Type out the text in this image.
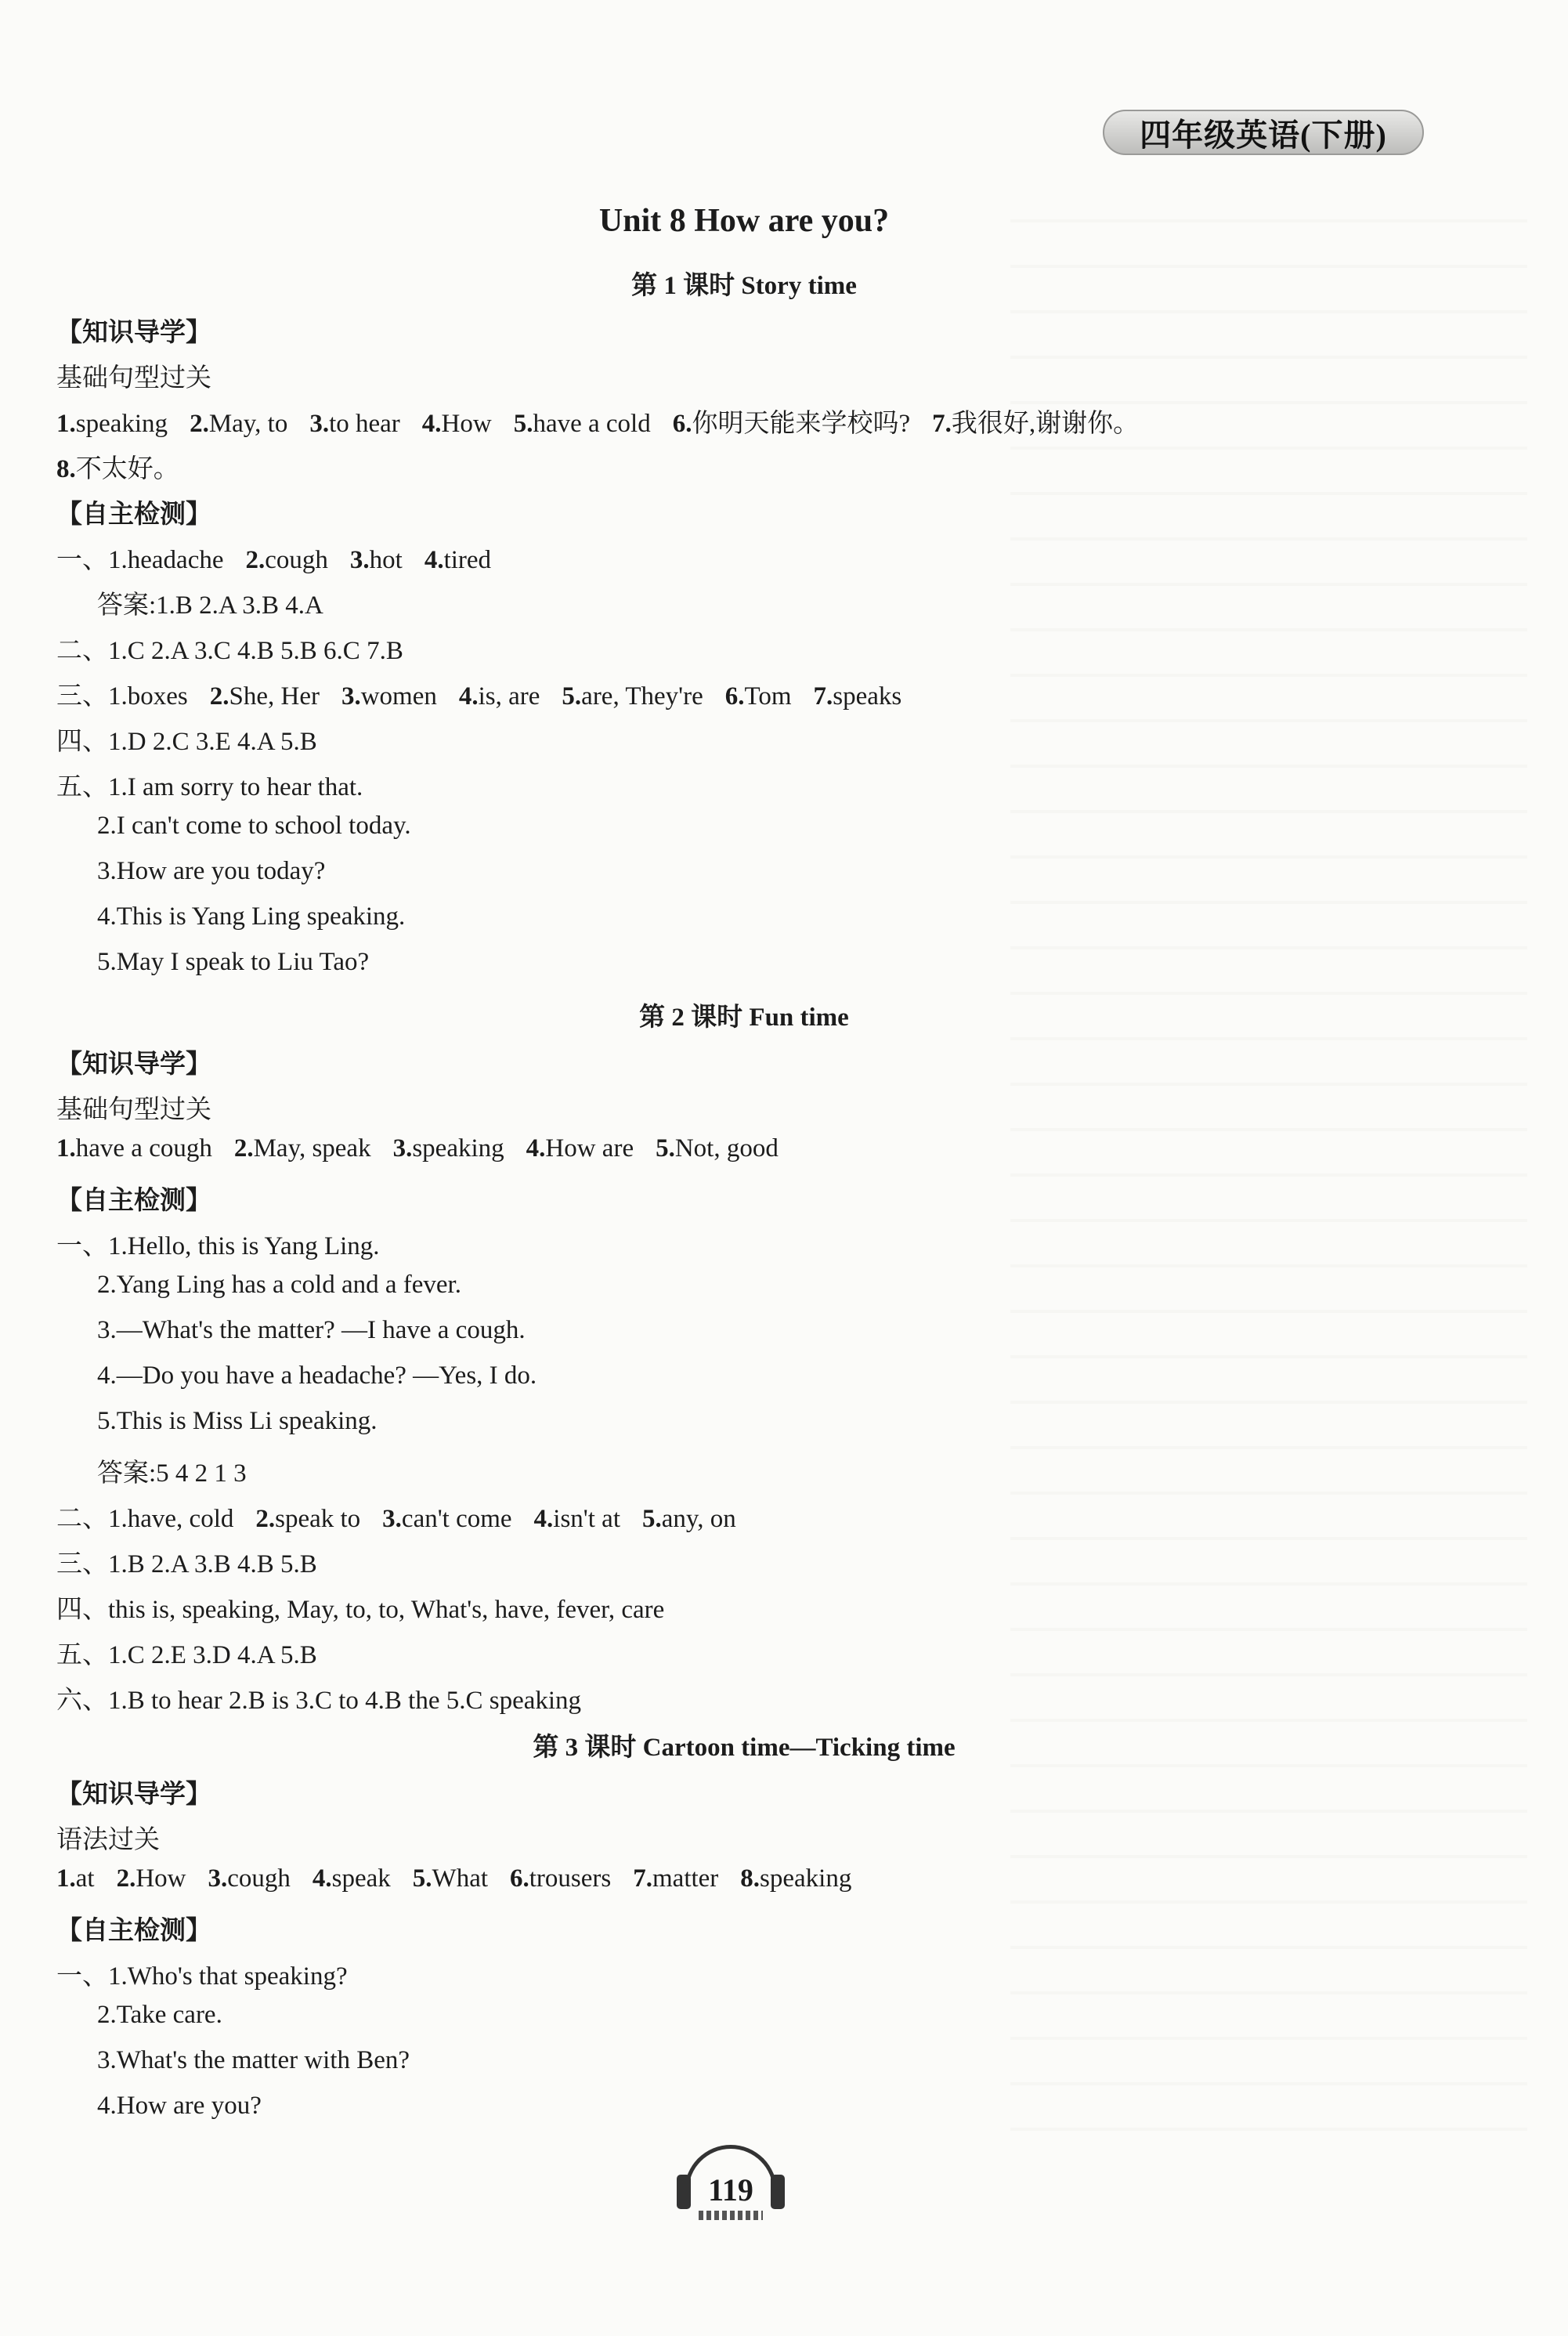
四年级英语(下册)
Unit 8 How are you?
第 1 课时 Story time
【知识导学】
基础句型过关
1.speaking 2.May, to 3.to hear 4.How 5.have a cold 6.你明天能来学校吗? 7.我很好,谢谢你。
8.不太好。
【自主检测】
一、1.headache 2.cough 3.hot 4.tired
答案:1.B 2.A 3.B 4.A
二、1.C 2.A 3.C 4.B 5.B 6.C 7.B
三、1.boxes 2.She, Her 3.women 4.is, are 5.are, They're 6.Tom 7.speaks
四、1.D 2.C 3.E 4.A 5.B
五、1.I am sorry to hear that.
2.I can't come to school today.
3.How are you today?
4.This is Yang Ling speaking.
5.May I speak to Liu Tao?
第 2 课时 Fun time
【知识导学】
基础句型过关
1.have a cough 2.May, speak 3.speaking 4.How are 5.Not, good
【自主检测】
一、1.Hello, this is Yang Ling.
2.Yang Ling has a cold and a fever.
3.—What's the matter? —I have a cough.
4.—Do you have a headache? —Yes, I do.
5.This is Miss Li speaking.
答案:5 4 2 1 3
二、1.have, cold 2.speak to 3.can't come 4.isn't at 5.any, on
三、1.B 2.A 3.B 4.B 5.B
四、this is, speaking, May, to, to, What's, have, fever, care
五、1.C 2.E 3.D 4.A 5.B
六、1.B to hear 2.B is 3.C to 4.B the 5.C speaking
第 3 课时 Cartoon time—Ticking time
【知识导学】
语法过关
1.at 2.How 3.cough 4.speak 5.What 6.trousers 7.matter 8.speaking
【自主检测】
一、1.Who's that speaking?
2.Take care.
3.What's the matter with Ben?
4.How are you?
119
